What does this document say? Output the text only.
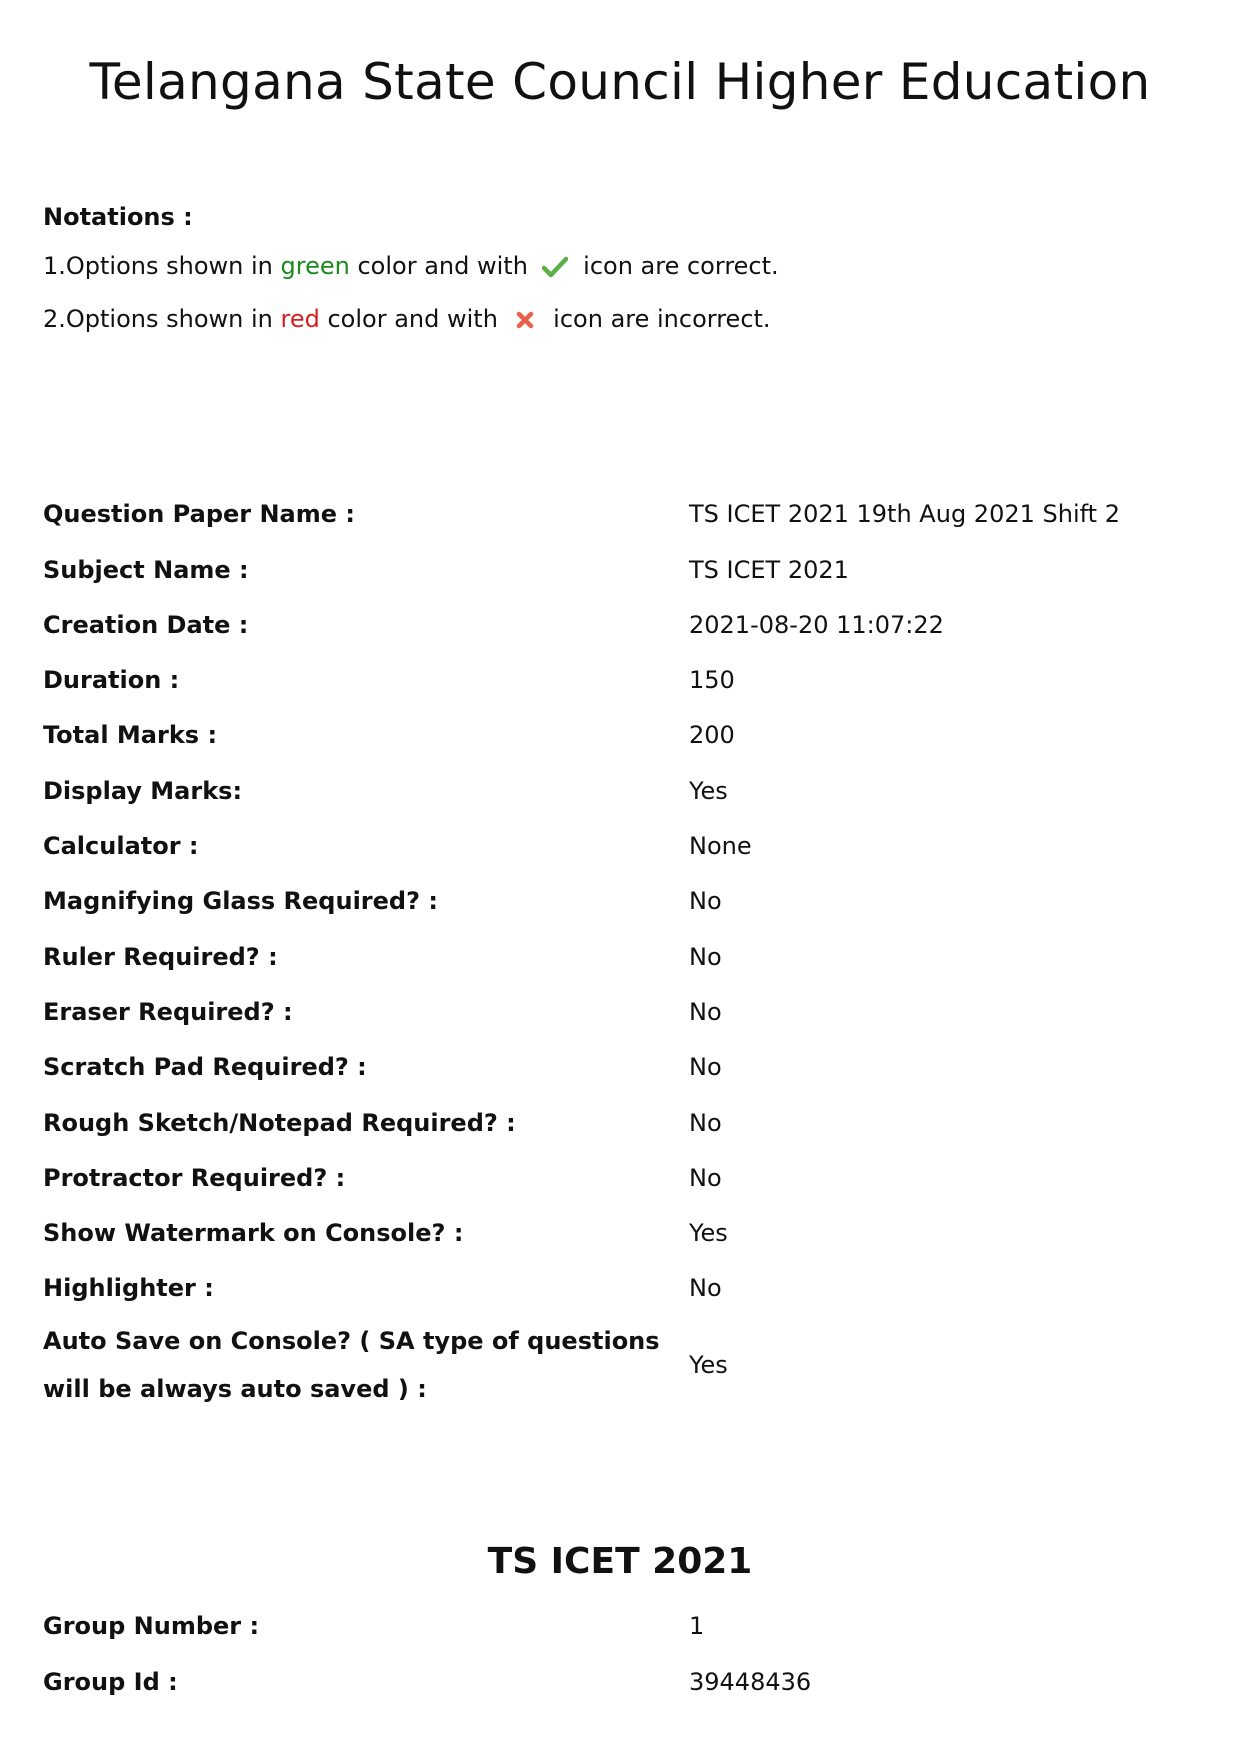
Telangana State Council Higher Education

Notations :

1.Options shown in green color and with icon are correct.

2.Options shown in red color and with icon are incorrect.

Question Paper Name :	TS ICET 2021 19th Aug 2021 Shift 2
Subject Name :	TS ICET 2021
Creation Date :	2021-08-20 11:07:22
Duration :	150
Total Marks :	200
Display Marks:	Yes
Calculator :	None
Magnifying Glass Required? :	No
Ruler Required? :	No
Eraser Required? :	No
Scratch Pad Required? :	No
Rough Sketch/Notepad Required? :	No
Protractor Required? :	No
Show Watermark on Console? :	Yes
Highlighter :	No
Auto Save on Console? ( SA type of questions will be always auto saved ) :	Yes
TS ICET 2021
Group Number :	1
Group Id :	39448436
